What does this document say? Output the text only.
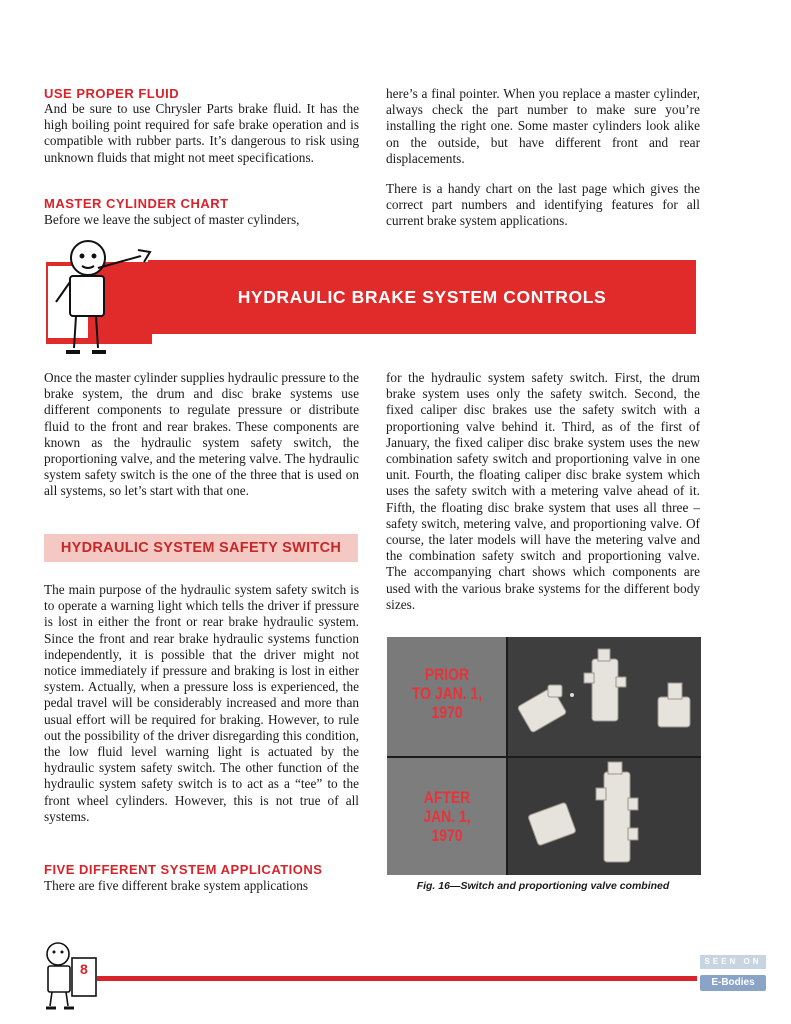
USE PROPER FLUID

And be sure to use Chrysler Parts brake fluid. It has the high boiling point required for safe brake operation and is compatible with rubber parts. It’s dangerous to risk using unknown fluids that might not meet specifications.

MASTER CYLINDER CHART

Before we leave the subject of master cylinders,

here’s a final pointer. When you replace a master cylinder, always check the part number to make sure you’re installing the right one. Some master cylinders look alike on the outside, but have different front and rear displacements.

There is a handy chart on the last page which gives the correct part numbers and identifying features for all current brake system applications.

HYDRAULIC BRAKE SYSTEM CONTROLS

Once the master cylinder supplies hydraulic pressure to the brake system, the drum and disc brake systems use different components to regulate pressure or distribute fluid to the front and rear brakes. These components are known as the hydraulic system safety switch, the proportioning valve, and the metering valve. The hydraulic system safety switch is the one of the three that is used on all systems, so let’s start with that one.

HYDRAULIC SYSTEM SAFETY SWITCH

The main purpose of the hydraulic system safety switch is to operate a warning light which tells the driver if pressure is lost in either the front or rear brake hydraulic system. Since the front and rear brake hydraulic systems function independently, it is possible that the driver might not notice immediately if pressure and braking is lost in either system. Actually, when a pressure loss is experienced, the pedal travel will be considerably increased and more than usual effort will be required for braking. However, to rule out the possibility of the driver disregarding this condition, the low fluid level warning light is actuated by the hydraulic system safety switch. The other function of the hydraulic system safety switch is to act as a “tee” to the front wheel cylinders. However, this is not true of all systems.

FIVE DIFFERENT SYSTEM APPLICATIONS

There are five different brake system applications

for the hydraulic system safety switch. First, the drum brake system uses only the safety switch. Second, the fixed caliper disc brakes use the safety switch with a proportioning valve behind it. Third, as of the first of January, the fixed caliper disc brake system uses the new combination safety switch and proportioning valve in one unit. Fourth, the floating caliper disc brake system which uses the safety switch with a metering valve ahead of it. Fifth, the floating disc brake system that uses all three – safety switch, metering valve, and proportioning valve. Of course, the later models will have the metering valve and the combination safety switch and proportioning valve. The accompanying chart shows which components are used with the various brake systems for the different body sizes.

PRIOR
TO JAN. 1,
1970
AFTER
JAN. 1,
1970
Fig. 16—Switch and proportioning valve combined
8	SEEN ON
E-Bodies
